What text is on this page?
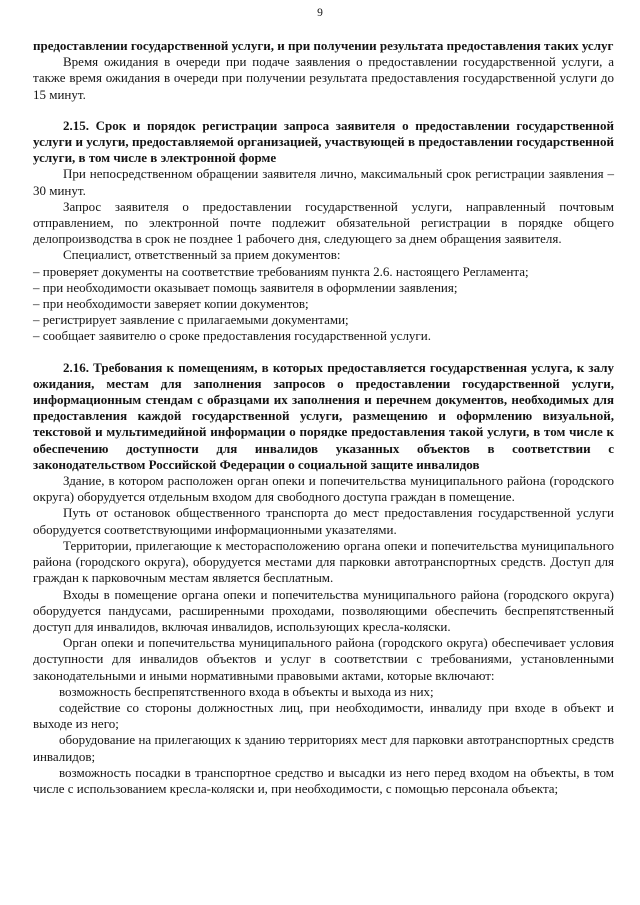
9

предоставлении государственной услуги, и при получении результата предоставления таких услуг

Время ожидания в очереди при подаче заявления о предоставлении государственной услуги, а также время ожидания в очереди при получении результата предоставления государственной услуги до 15 минут.

2.15. Срок и порядок регистрации запроса заявителя о предоставлении государственной услуги и услуги, предоставляемой организацией, участвующей в предоставлении государственной услуги, в том числе в электронной форме

При непосредственном обращении заявителя лично, максимальный срок регистрации заявления – 30 минут.

Запрос заявителя о предоставлении государственной услуги, направленный почтовым отправлением, по электронной почте подлежит обязательной регистрации в порядке общего делопроизводства в срок не позднее 1 рабочего дня, следующего за днем обращения заявителя.

Специалист, ответственный за прием документов:

– проверяет документы на соответствие требованиям пункта 2.6. настоящего Регламента;

– при необходимости оказывает помощь заявителя в оформлении заявления;

– при необходимости заверяет копии документов;

– регистрирует заявление с прилагаемыми документами;

– сообщает заявителю о сроке предоставления государственной услуги.

2.16. Требования к помещениям, в которых предоставляется государственная услуга, к залу ожидания, местам для заполнения запросов о предоставлении государственной услуги, информационным стендам с образцами их заполнения и перечнем документов, необходимых для предоставления каждой государственной услуги, размещению и оформлению визуальной, текстовой и мультимедийной информации о порядке предоставления такой услуги, в том числе к обеспечению доступности для инвалидов указанных объектов в соответствии с законодательством Российской Федерации о социальной защите инвалидов

Здание, в котором расположен орган опеки и попечительства муниципального района (городского округа) оборудуется отдельным входом для свободного доступа граждан в помещение.

Путь от остановок общественного транспорта до мест предоставления государственной услуги оборудуется соответствующими информационными указателями.

Территории, прилегающие к месторасположению органа опеки и попечительства муниципального района (городского округа), оборудуется местами для парковки автотранспортных средств. Доступ для граждан к парковочным местам является бесплатным.

Входы в помещение органа опеки и попечительства муниципального района (городского округа) оборудуется пандусами, расширенными проходами, позволяющими обеспечить беспрепятственный доступ для инвалидов, включая инвалидов, использующих кресла-коляски.

Орган опеки и попечительства муниципального района (городского округа) обеспечивает условия доступности для инвалидов объектов и услуг в соответствии с требованиями, установленными законодательными и иными нормативными правовыми актами, которые включают:

возможность беспрепятственного входа в объекты и выхода из них;

содействие со стороны должностных лиц, при необходимости, инвалиду при входе в объект и выходе из него;

оборудование на прилегающих к зданию территориях мест для парковки автотранспортных средств инвалидов;

возможность посадки в транспортное средство и высадки из него перед входом на объекты, в том числе с использованием кресла-коляски и, при необходимости, с помощью персонала объекта;
